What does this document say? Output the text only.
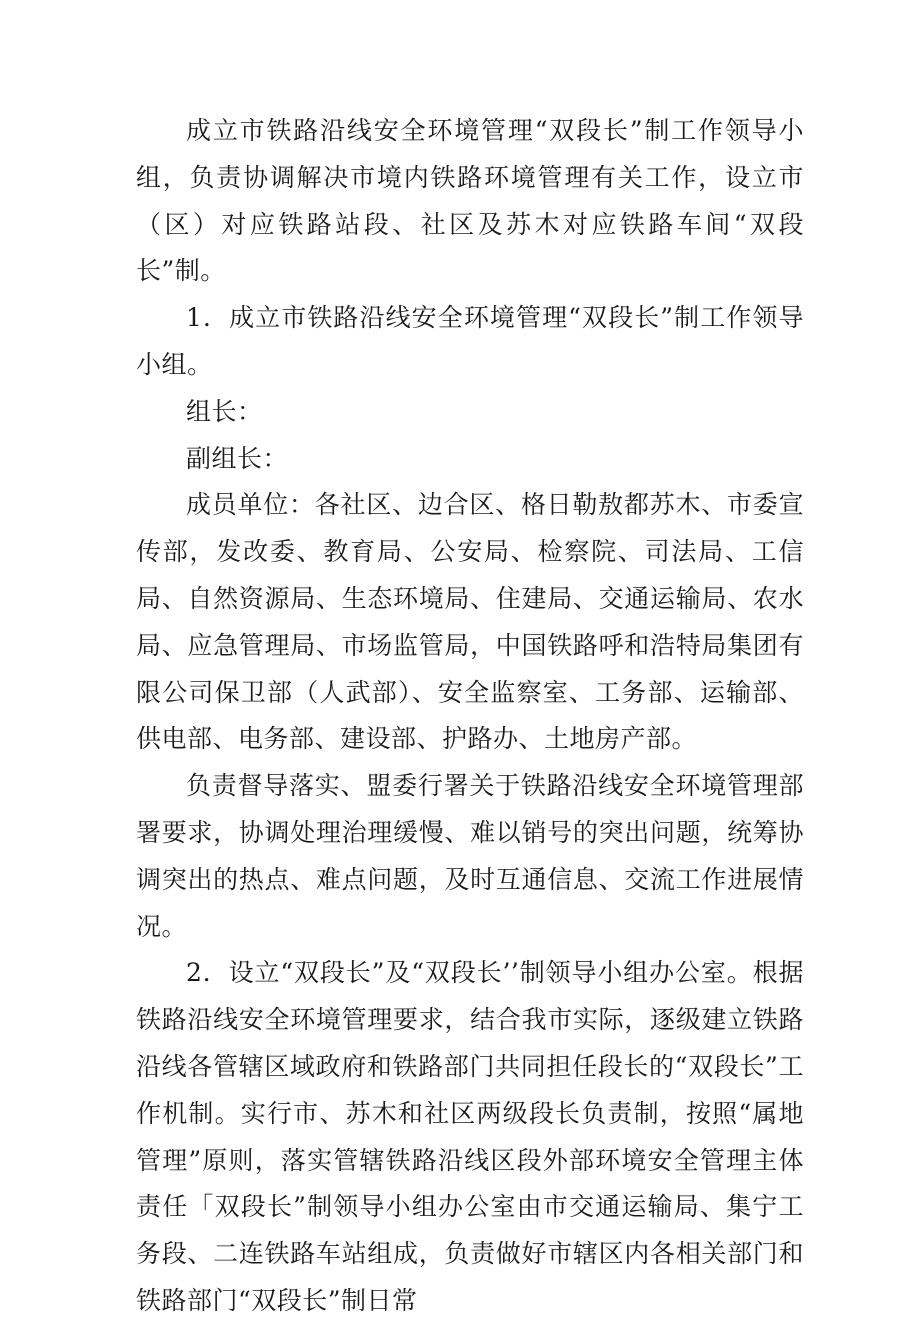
成立市铁路沿线安全环境管理“双段长”制工作领导小组，负责协调解决市境内铁路环境管理有关工作，设立市（区）对应铁路站段、社区及苏木对应铁路车间“双段长”制。

1．成立市铁路沿线安全环境管理“双段长”制工作领导小组。

组长：

副组长：

成员单位：各社区、边合区、格日勒敖都苏木、市委宣传部，发改委、教育局、公安局、检察院、司法局、工信局、自然资源局、生态环境局、住建局、交通运输局、农水局、应急管理局、市场监管局，中国铁路呼和浩特局集团有限公司保卫部（人武部）、安全监察室、工务部、运输部、供电部、电务部、建设部、护路办、土地房产部。

负责督导落实、盟委行署关于铁路沿线安全环境管理部署要求，协调处理治理缓慢、难以销号的突出问题，统筹协调突出的热点、难点问题，及时互通信息、交流工作进展情况。

2．设立“双段长”及“双段长’’制领导小组办公室。根据铁路沿线安全环境管理要求，结合我市实际，逐级建立铁路沿线各管辖区域政府和铁路部门共同担任段长的“双段长”工作机制。实行市、苏木和社区两级段长负责制，按照“属地管理”原则，落实管辖铁路沿线区段外部环境安全管理主体责任「双段长”制领导小组办公室由市交通运输局、集宁工务段、二连铁路车站组成，负责做好市辖区内各相关部门和铁路部门“双段长”制日常
